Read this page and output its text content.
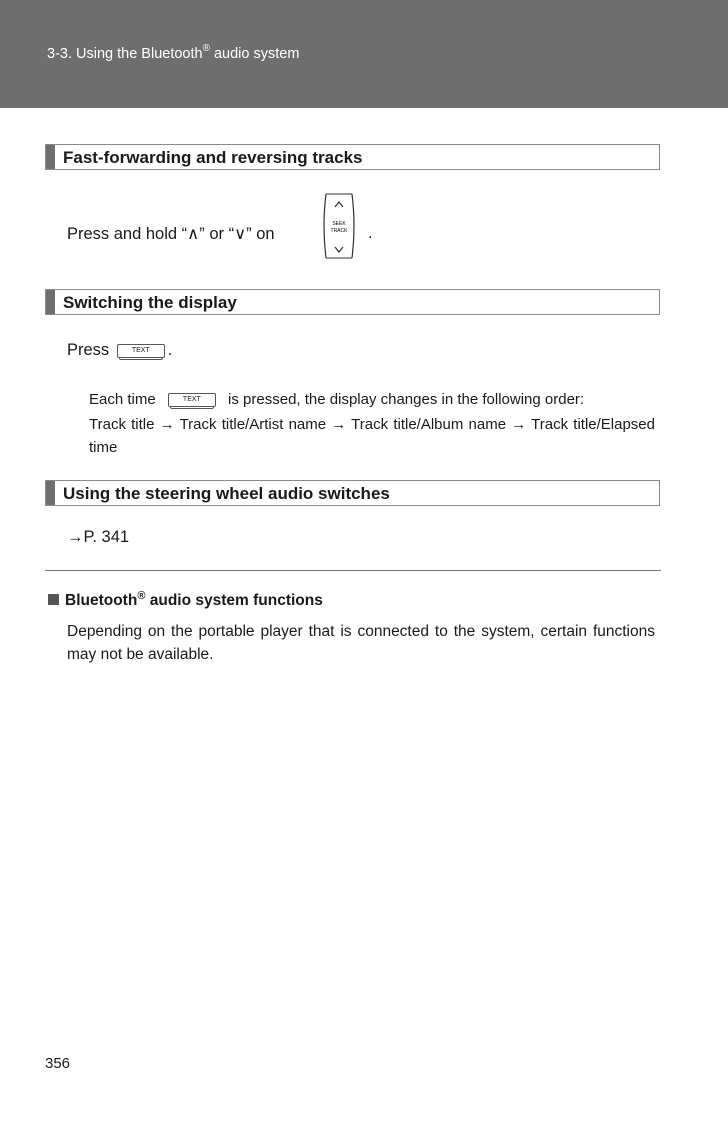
3-3. Using the Bluetooth® audio system
Fast-forwarding and reversing tracks
Press and hold “∧” or “∨” on
SEEK
TRACK .
Switching the display
Press	TEXT .
Each time	TEXT is pressed, the display changes in the following order:
Track title → Track title/Artist name → Track title/Album name → Track title/Elapsed time
Using the steering wheel audio switches
→P. 341
Bluetooth® audio system functions
Depending on the portable player that is connected to the system, certain functions may not be available.
356
